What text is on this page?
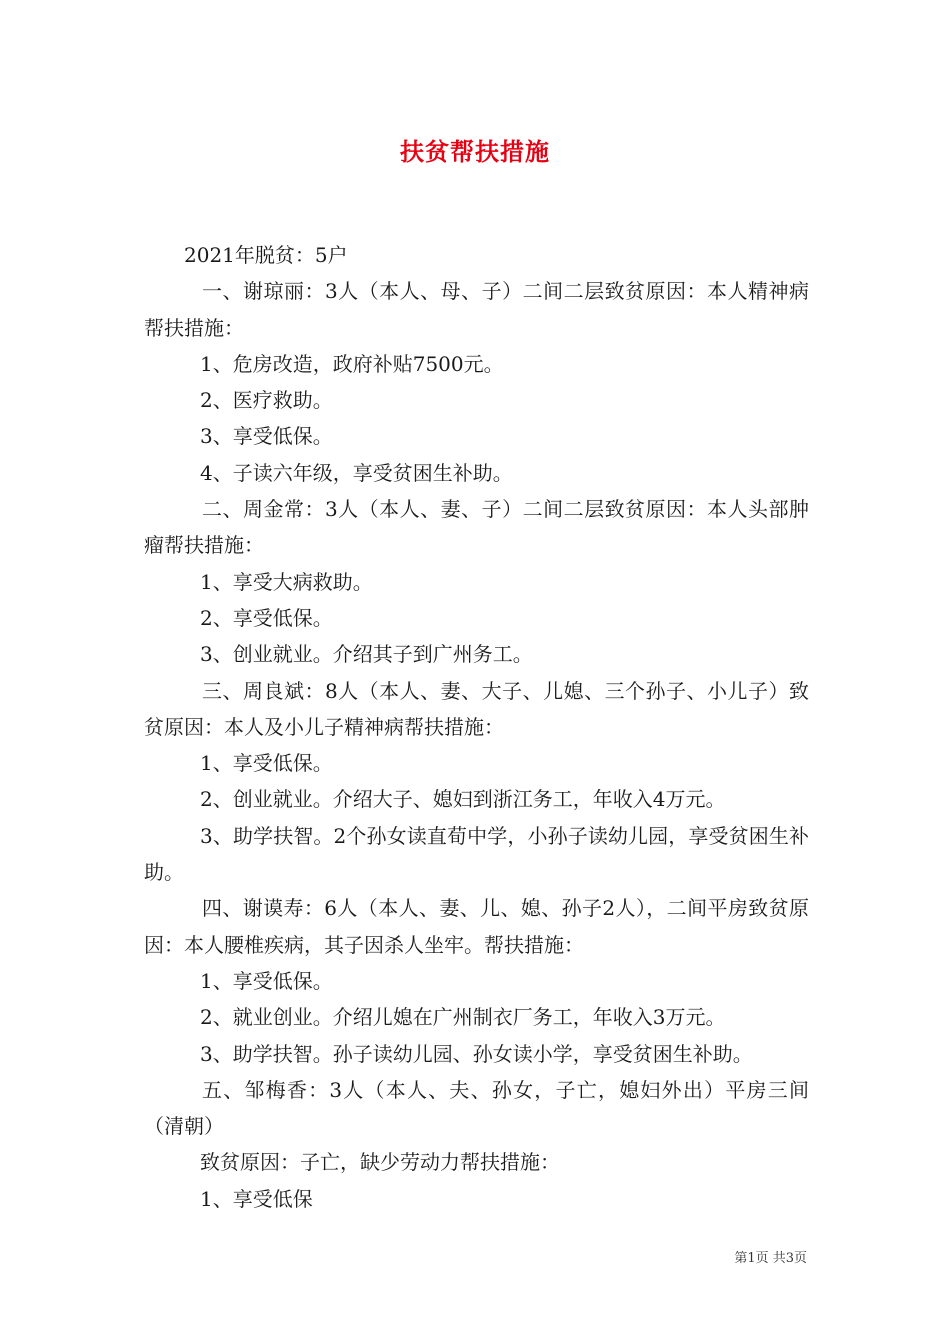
扶贫帮扶措施

2021年脱贫：5户

一、谢琼丽：3人（本人、母、子）二间二层致贫原因：本人精神病帮扶措施：

1、危房改造，政府补贴7500元。

2、医疗救助。

3、享受低保。

4、子读六年级，享受贫困生补助。

二、周金常：3人（本人、妻、子）二间二层致贫原因：本人头部肿瘤帮扶措施：

1、享受大病救助。

2、享受低保。

3、创业就业。介绍其子到广州务工。

三、周良斌：8人（本人、妻、大子、儿媳、三个孙子、小儿子）致贫原因：本人及小儿子精神病帮扶措施：

1、享受低保。

2、创业就业。介绍大子、媳妇到浙江务工，年收入4万元。

3、助学扶智。2个孙女读直荀中学，小孙子读幼儿园，享受贫困生补助。

四、谢谟寿：6人（本人、妻、儿、媳、孙子2人），二间平房致贫原因：本人腰椎疾病，其子因杀人坐牢。帮扶措施：

1、享受低保。

2、就业创业。介绍儿媳在广州制衣厂务工，年收入3万元。

3、助学扶智。孙子读幼儿园、孙女读小学，享受贫困生补助。

五、邹梅香：3人（本人、夫、孙女，子亡，媳妇外出）平房三间（清朝）

致贫原因：子亡，缺少劳动力帮扶措施：

1、享受低保

第1页 共3页
